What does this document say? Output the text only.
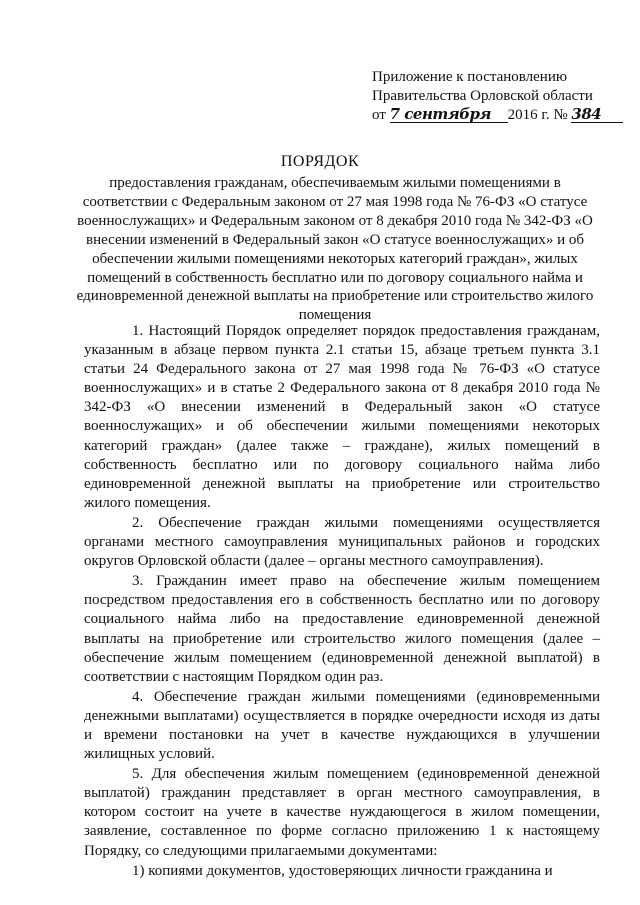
Приложение к постановлению
Правительства Орловской области
от 7 сентября 2016 г. № 384
ПОРЯДОК
предоставления гражданам, обеспечиваемым жилыми помещениями в соответствии с Федеральным законом от 27 мая 1998 года № 76-ФЗ «О статусе военнослужащих» и Федеральным законом от 8 декабря 2010 года № 342-ФЗ «О внесении изменений в Федеральный закон «О статусе военнослужащих» и об обеспечении жилыми помещениями некоторых категорий граждан», жилых помещений в собственность бесплатно или по договору социального найма и единовременной денежной выплаты на приобретение или строительство жилого помещения

1. Настоящий Порядок определяет порядок предоставления гражданам, указанным в абзаце первом пункта 2.1 статьи 15, абзаце третьем пункта 3.1 статьи 24 Федерального закона от 27 мая 1998 года № 76-ФЗ «О статусе военнослужащих» и в статье 2 Федерального закона от 8 декабря 2010 года № 342-ФЗ «О внесении изменений в Федеральный закон «О статусе военнослужащих» и об обеспечении жилыми помещениями некоторых категорий граждан» (далее также – граждане), жилых помещений в собственность бесплатно или по договору социального найма либо единовременной денежной выплаты на приобретение или строительство жилого помещения.

2. Обеспечение граждан жилыми помещениями осуществляется органами местного самоуправления муниципальных районов и городских округов Орловской области (далее – органы местного самоуправления).

3. Гражданин имеет право на обеспечение жилым помещением посредством предоставления его в собственность бесплатно или по договору социального найма либо на предоставление единовременной денежной выплаты на приобретение или строительство жилого помещения (далее – обеспечение жилым помещением (единовременной денежной выплатой) в соответствии с настоящим Порядком один раз.

4. Обеспечение граждан жилыми помещениями (единовременными денежными выплатами) осуществляется в порядке очередности исходя из даты и времени постановки на учет в качестве нуждающихся в улучшении жилищных условий.

5. Для обеспечения жилым помещением (единовременной денежной выплатой) гражданин представляет в орган местного самоуправления, в котором состоит на учете в качестве нуждающегося в жилом помещении, заявление, составленное по форме согласно приложению 1 к настоящему Порядку, со следующими прилагаемыми документами:

1) копиями документов, удостоверяющих личности гражданина и
